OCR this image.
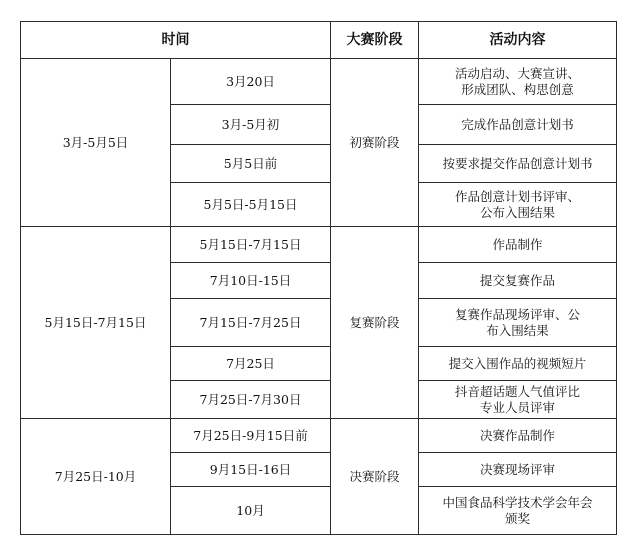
时间		大赛阶段	活动内容
3月-5月5日	3月20日	初赛阶段	活动启动、大赛宣讲、
形成团队、构思创意
	3月-5月初		完成作品创意计划书
	5月5日前		按要求提交作品创意计划书
	5月5日-5月15日		作品创意计划书评审、
公布入围结果
5月15日-7月15日	5月15日-7月15日	复赛阶段	作品制作
	7月10日-15日		提交复赛作品
	7月15日-7月25日		复赛作品现场评审、公
布入围结果
	7月25日		提交入围作品的视频短片
	7月25日-7月30日		抖音超话题人气值评比
专业人员评审
7月25日-10月	7月25日-9月15日前	决赛阶段	决赛作品制作
	9月15日-16日		决赛现场评审
	10月		中国食品科学技术学会年会
颁奖
